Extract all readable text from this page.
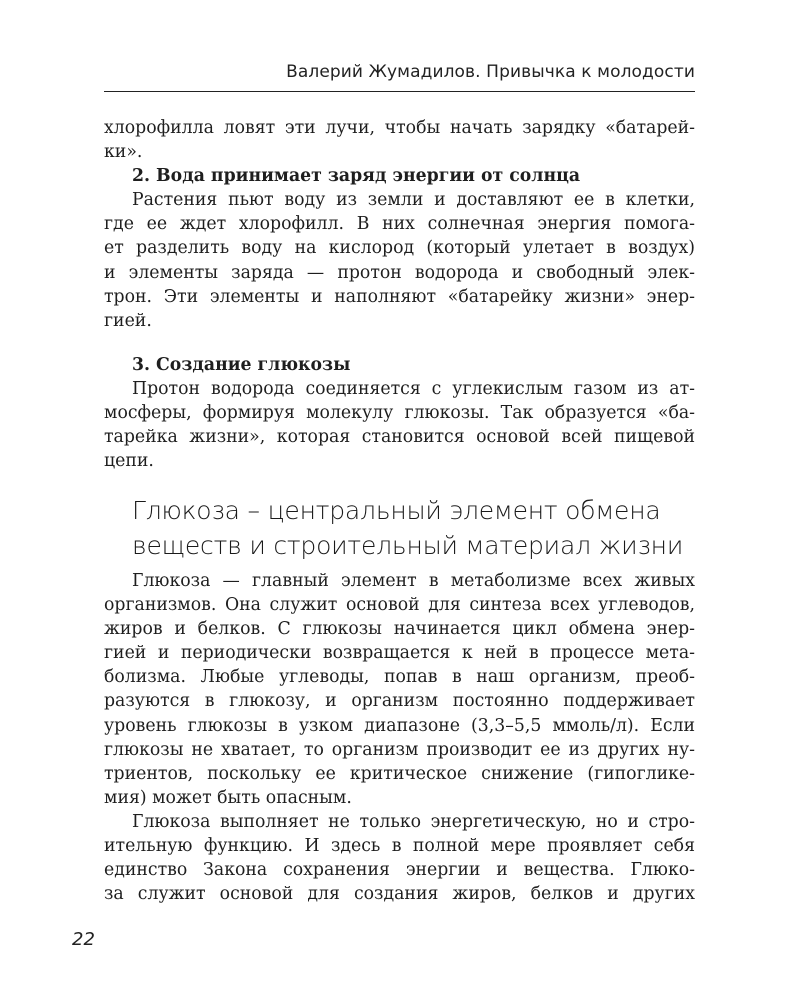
Валерий Жумадилов. Привычка к молодости
хлорофилла ловят эти лучи, чтобы начать зарядку «батарей-
ки».
2. Вода принимает заряд энергии от солнца
Растения пьют воду из земли и доставляют ее в клетки,
где ее ждет хлорофилл. В них солнечная энергия помога-
ет разделить воду на кислород (который улетает в воздух)
и элементы заряда — протон водорода и свободный элек-
трон. Эти элементы и наполняют «батарейку жизни» энер-
гией.
3. Создание глюкозы
Протон водорода соединяется с углекислым газом из ат-
мосферы, формируя молекулу глюкозы. Так образуется «ба-
тарейка жизни», которая становится основой всей пищевой
цепи.
Глюкоза – центральный элемент обмена
веществ и строительный материал жизни
Глюкоза — главный элемент в метаболизме всех живых
организмов. Она служит основой для синтеза всех углеводов,
жиров и белков. С глюкозы начинается цикл обмена энер-
гией и периодически возвращается к ней в процессе мета-
болизма. Любые углеводы, попав в наш организм, преоб-
разуются в глюкозу, и организм постоянно поддерживает
уровень глюкозы в узком диапазоне (3,3–5,5 ммоль/л). Если
глюкозы не хватает, то организм производит ее из других ну-
триентов, поскольку ее критическое снижение (гипоглике-
мия) может быть опасным.
Глюкоза выполняет не только энергетическую, но и стро-
ительную функцию. И здесь в полной мере проявляет себя
единство Закона сохранения энергии и вещества. Глюко-
за служит основой для создания жиров, белков и других
22
